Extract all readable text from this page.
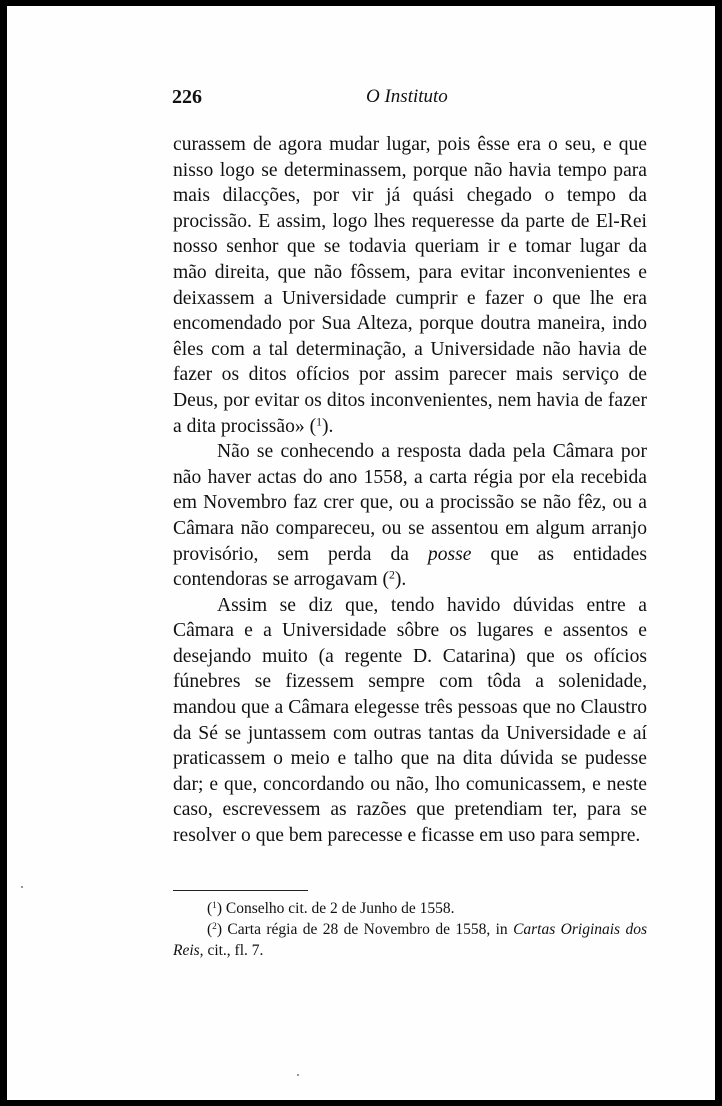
226	O Instituto

curassem de agora mudar lugar, pois êsse era o seu, e que nisso logo se determinassem, porque não havia tempo para mais dilacções, por vir já quási chegado o tempo da procissão. E assim, logo lhes requeresse da parte de El-Rei nosso senhor que se todavia queriam ir e tomar lugar da mão direita, que não fôssem, para evitar inconvenientes e deixassem a Universidade cumprir e fazer o que lhe era encomendado por Sua Alteza, porque doutra maneira, indo êles com a tal determinação, a Universidade não havia de fazer os ditos ofícios por assim parecer mais serviço de Deus, por evitar os ditos inconvenientes, nem havia de fazer a dita procissão» ($^1$).

Não se conhecendo a resposta dada pela Câmara por não haver actas do ano 1558, a carta régia por ela recebida em Novembro faz crer que, ou a procissão se não fêz, ou a Câmara não compareceu, ou se assentou em algum arranjo provisório, sem perda da posse que as entidades contendoras se arrogavam ($^2$).

Assim se diz que, tendo havido dúvidas entre a Câmara e a Universidade sôbre os lugares e assentos e desejando muito (a regente D. Catarina) que os ofícios fúnebres se fizessem sempre com tôda a solenidade, mandou que a Câmara elegesse três pessoas que no Claustro da Sé se juntassem com outras tantas da Universidade e aí praticassem o meio e talho que na dita dúvida se pudesse dar; e que, concordando ou não, lho comunicassem, e neste caso, escrevessem as razões que pretendiam ter, para se resolver o que bem parecesse e ficasse em uso para sempre.

($^1$) Conselho cit. de 2 de Junho de 1558.

($^2$) Carta régia de 28 de Novembro de 1558, in Cartas Originais dos Reis, cit., fl. 7.
